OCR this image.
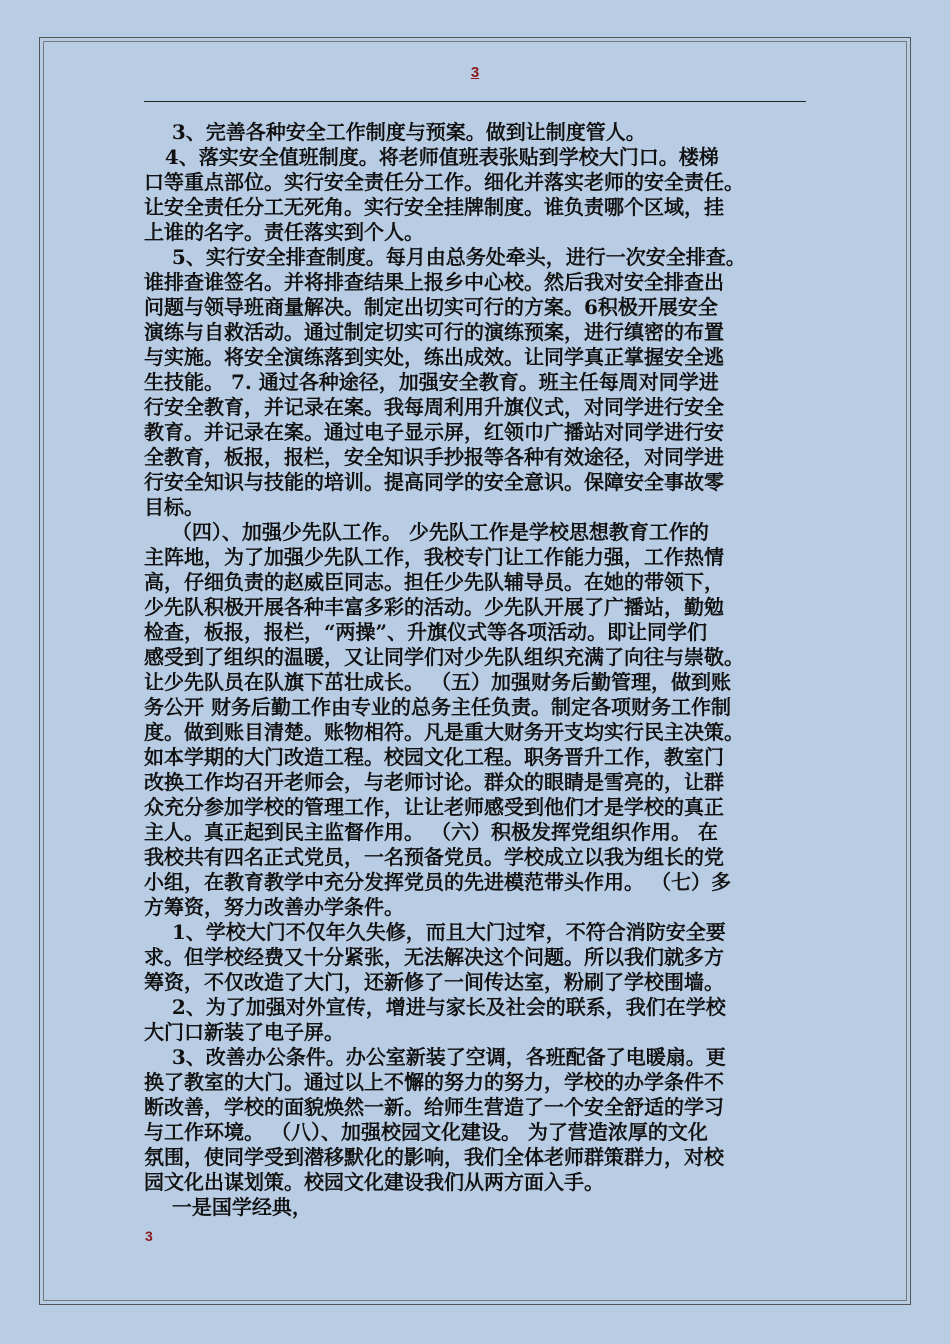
3

3、完善各种安全工作制度与预案。做到让制度管人。

4、落实安全值班制度。将老师值班表张贴到学校大门口。楼梯

口等重点部位。实行安全责任分工作。细化并落实老师的安全责任。

让安全责任分工无死角。实行安全挂牌制度。谁负责哪个区域，挂

上谁的名字。责任落实到个人。

5、实行安全排查制度。每月由总务处牵头，进行一次安全排查。

谁排查谁签名。并将排查结果上报乡中心校。然后我对安全排查出

问题与领导班商量解决。制定出切实可行的方案。6积极开展安全

演练与自救活动。通过制定切实可行的演练预案，进行缜密的布置

与实施。将安全演练落到实处，练出成效。让同学真正掌握安全逃

生技能。 7. 通过各种途径，加强安全教育。班主任每周对同学进

行安全教育，并记录在案。我每周利用升旗仪式，对同学进行安全

教育。并记录在案。通过电子显示屏，红领巾广播站对同学进行安

全教育，板报，报栏，安全知识手抄报等各种有效途径，对同学进

行安全知识与技能的培训。提高同学的安全意识。保障安全事故零

目标。

（四）、加强少先队工作。 少先队工作是学校思想教育工作的

主阵地，为了加强少先队工作，我校专门让工作能力强，工作热情

高，仔细负责的赵威臣同志。担任少先队辅导员。在她的带领下，

少先队积极开展各种丰富多彩的活动。少先队开展了广播站，勤勉

检查，板报，报栏，“两操”、升旗仪式等各项活动。即让同学们

感受到了组织的温暖，又让同学们对少先队组织充满了向往与崇敬。

让少先队员在队旗下茁壮成长。 （五）加强财务后勤管理，做到账

务公开 财务后勤工作由专业的总务主任负责。制定各项财务工作制

度。做到账目清楚。账物相符。凡是重大财务开支均实行民主决策。

如本学期的大门改造工程。校园文化工程。职务晋升工作，教室门

改换工作均召开老师会，与老师讨论。群众的眼睛是雪亮的，让群

众充分参加学校的管理工作，让让老师感受到他们才是学校的真正

主人。真正起到民主监督作用。 （六）积极发挥党组织作用。 在

我校共有四名正式党员，一名预备党员。学校成立以我为组长的党

小组，在教育教学中充分发挥党员的先进模范带头作用。 （七）多

方筹资，努力改善办学条件。

1、学校大门不仅年久失修，而且大门过窄，不符合消防安全要

求。但学校经费又十分紧张，无法解决这个问题。所以我们就多方

筹资，不仅改造了大门，还新修了一间传达室，粉刷了学校围墙。

2、为了加强对外宣传，增进与家长及社会的联系，我们在学校

大门口新装了电子屏。

3、改善办公条件。办公室新装了空调，各班配备了电暖扇。更

换了教室的大门。通过以上不懈的努力的努力，学校的办学条件不

断改善，学校的面貌焕然一新。给师生营造了一个安全舒适的学习

与工作环境。 （八）、加强校园文化建设。 为了营造浓厚的文化

氛围，使同学受到潜移默化的影响，我们全体老师群策群力，对校

园文化出谋划策。校园文化建设我们从两方面入手。

一是国学经典，

3
